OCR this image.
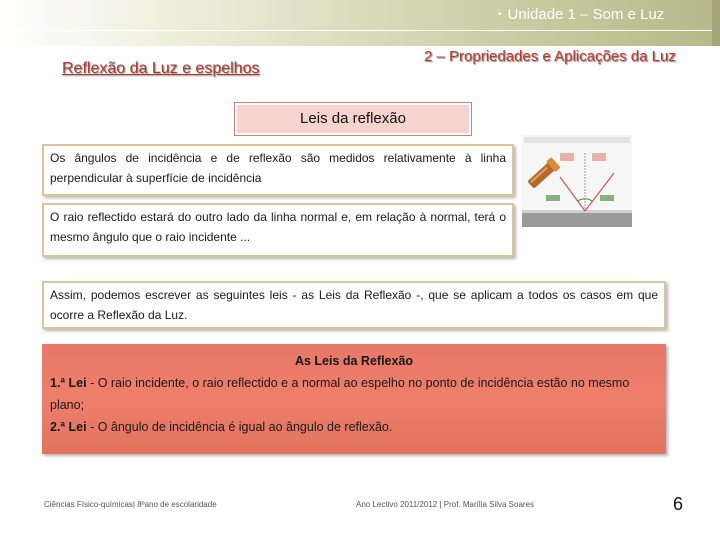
• Unidade 1 – Som e Luz
Reflexão da Luz e espelhos
2 – Propriedades e Aplicações da Luz
Leis da reflexão
Os ângulos de incidência e de reflexão são medidos relativamente à linha perpendicular à superfície de incidência
O raio reflectido estará do outro lado da linha normal e, em relação à normal, terá o mesmo ângulo que o raio incidente ...
Assim, podemos escrever as seguintes leis - as Leis da Reflexão -, que se aplicam a todos os casos em que ocorre a Reflexão da Luz.
As Leis da Reflexão
1.ª Lei - O raio incidente, o raio reflectido e a normal ao espelho no ponto de incidência estão no mesmo plano;
2.ª Lei - O ângulo de incidência é igual ao ângulo de reflexão.
Ciências Físico-químicas| 8ºano de escolaridade	Ano Lectivo 2011/2012 | Prof. Marília Silva Soares	6
